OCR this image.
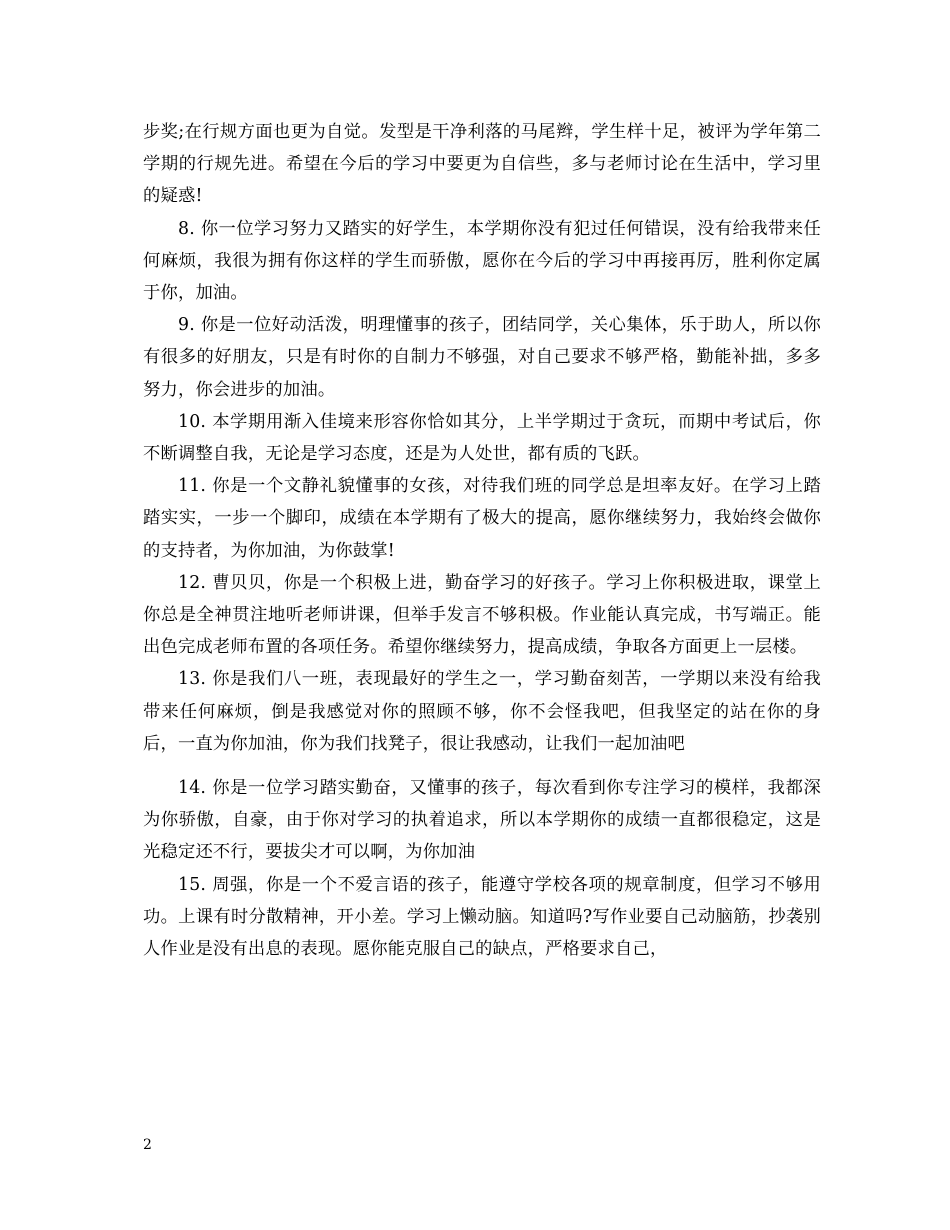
步奖;在行规方面也更为自觉。发型是干净利落的马尾辫，学生样十足，被评为学年第二学期的行规先进。希望在今后的学习中要更为自信些，多与老师讨论在生活中，学习里的疑惑!

8. 你一位学习努力又踏实的好学生，本学期你没有犯过任何错误，没有给我带来任何麻烦，我很为拥有你这样的学生而骄傲，愿你在今后的学习中再接再厉，胜利你定属于你，加油。

9. 你是一位好动活泼，明理懂事的孩子，团结同学，关心集体，乐于助人，所以你有很多的好朋友，只是有时你的自制力不够强，对自己要求不够严格，勤能补拙，多多努力，你会进步的加油。

10. 本学期用渐入佳境来形容你恰如其分，上半学期过于贪玩，而期中考试后，你不断调整自我，无论是学习态度，还是为人处世，都有质的飞跃。

11. 你是一个文静礼貌懂事的女孩，对待我们班的同学总是坦率友好。在学习上踏踏实实，一步一个脚印，成绩在本学期有了极大的提高，愿你继续努力，我始终会做你的支持者，为你加油，为你鼓掌!

12. 曹贝贝，你是一个积极上进，勤奋学习的好孩子。学习上你积极进取，课堂上你总是全神贯注地听老师讲课，但举手发言不够积极。作业能认真完成，书写端正。能出色完成老师布置的各项任务。希望你继续努力，提高成绩，争取各方面更上一层楼。

13. 你是我们八一班，表现最好的学生之一，学习勤奋刻苦，一学期以来没有给我带来任何麻烦，倒是我感觉对你的照顾不够，你不会怪我吧，但我坚定的站在你的身后，一直为你加油，你为我们找凳子，很让我感动，让我们一起加油吧

14. 你是一位学习踏实勤奋，又懂事的孩子，每次看到你专注学习的模样，我都深为你骄傲，自豪，由于你对学习的执着追求，所以本学期你的成绩一直都很稳定，这是光稳定还不行，要拔尖才可以啊，为你加油

15. 周强，你是一个不爱言语的孩子，能遵守学校各项的规章制度，但学习不够用功。上课有时分散精神，开小差。学习上懒动脑。知道吗?写作业要自己动脑筋，抄袭别人作业是没有出息的表现。愿你能克服自己的缺点，严格要求自己，

2
